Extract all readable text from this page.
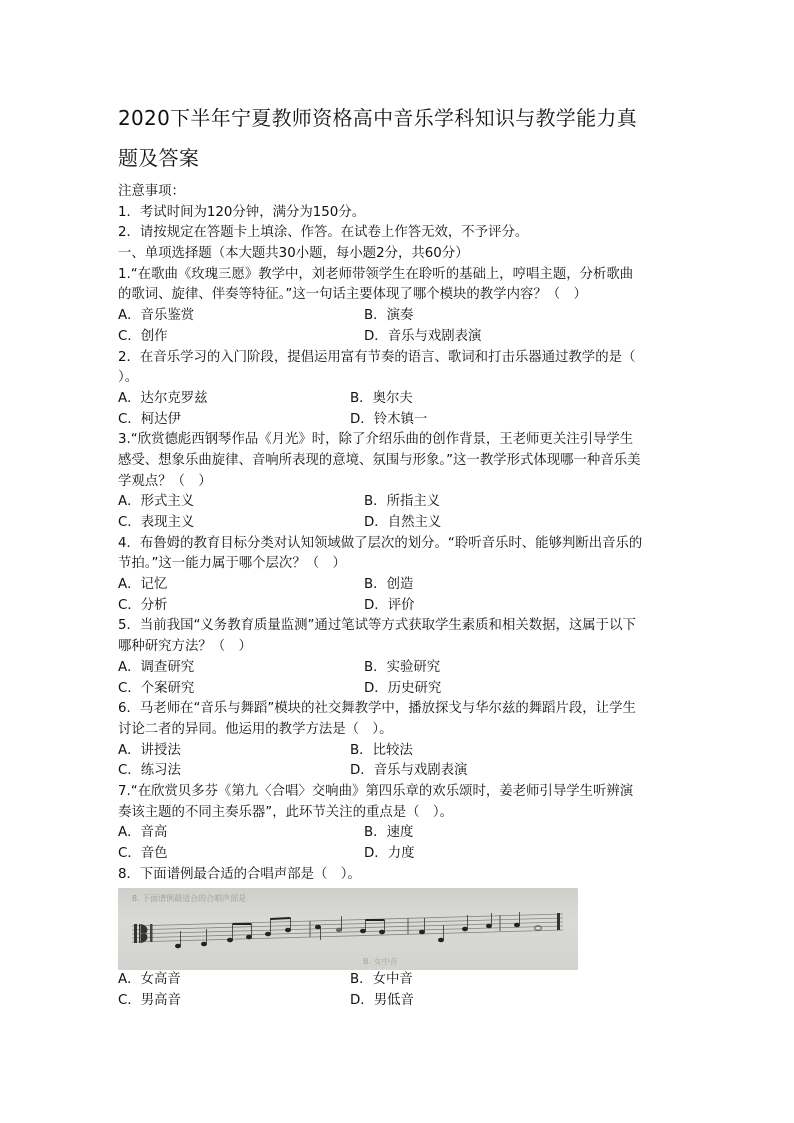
2020下半年宁夏教师资格高中音乐学科知识与教学能力真
题及答案
注意事项：
1．考试时间为120分钟，满分为150分。
2．请按规定在答题卡上填涂、作答。在试卷上作答无效，不予评分。
一、单项选择题（本大题共30小题，每小题2分，共60分）
1.“在歌曲《玫瑰三愿》教学中，刘老师带领学生在聆听的基础上，哼唱主题，分析歌曲
的歌词、旋律、伴奏等特征。”这一句话主要体现了哪个模块的教学内容？（　）
A．音乐鉴赏	B．演奏
C．创作	D．音乐与戏剧表演
2．在音乐学习的入门阶段，提倡运用富有节奏的语言、歌词和打击乐器通过教学的是（
）。
A．达尔克罗兹	B．奥尔夫
C．柯达伊	D．铃木镇一
3.“欣赏德彪西钢琴作品《月光》时，除了介绍乐曲的创作背景，王老师更关注引导学生
感受、想象乐曲旋律、音响所表现的意境、氛围与形象。”这一教学形式体现哪一种音乐美
学观点？（　）
A．形式主义	B．所指主义
C．表现主义	D．自然主义
4．布鲁姆的教育目标分类对认知领域做了层次的划分。“聆听音乐时、能够判断出音乐的
节拍。”这一能力属于哪个层次？（　）
A．记忆	B．创造
C．分析	D．评价
5．当前我国“义务教育质量监测”通过笔试等方式获取学生素质和相关数据，这属于以下
哪种研究方法？（　）
A．调查研究	B．实验研究
C．个案研究	D．历史研究
6．马老师在“音乐与舞蹈”模块的社交舞教学中，播放探戈与华尔兹的舞蹈片段，让学生
讨论二者的异同。他运用的教学方法是（　）。
A．讲授法	B．比较法
C．练习法	D．音乐与戏剧表演
7.“在欣赏贝多芬《第九〈合唱〉交响曲》第四乐章的欢乐颂时，姜老师引导学生听辨演
奏该主题的不同主奏乐器”，此环节关注的重点是（　）。
A．音高	B．速度
C．音色	D．力度
8．下面谱例最合适的合唱声部是（　）。
8. 下面谱例最适合的合唱声部是
B. 女中音
A．女高音	B．女中音
C．男高音	D．男低音
